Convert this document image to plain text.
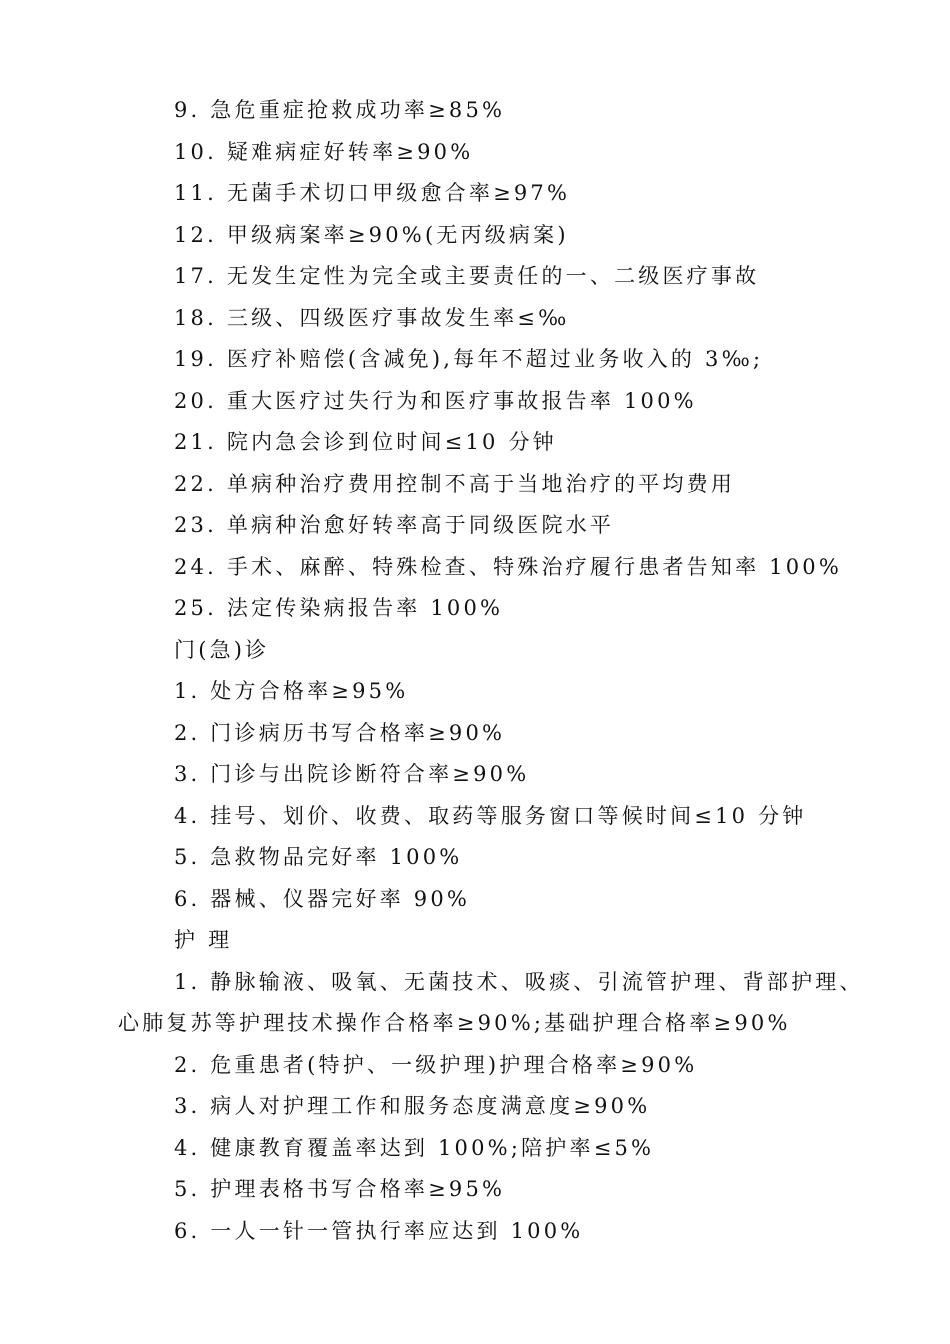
9. 急危重症抢救成功率≥85%
10. 疑难病症好转率≥90%
11. 无菌手术切口甲级愈合率≥97%
12. 甲级病案率≥90%(无丙级病案)
17. 无发生定性为完全或主要责任的一、二级医疗事故
18. 三级、四级医疗事故发生率≤‰
19. 医疗补赔偿(含减免),每年不超过业务收入的 3‰;
20. 重大医疗过失行为和医疗事故报告率 100%
21. 院内急会诊到位时间≤10 分钟
22. 单病种治疗费用控制不高于当地治疗的平均费用
23. 单病种治愈好转率高于同级医院水平
24. 手术、麻醉、特殊检查、特殊治疗履行患者告知率 100%
25. 法定传染病报告率 100%
门(急)诊
1. 处方合格率≥95%
2. 门诊病历书写合格率≥90%
3. 门诊与出院诊断符合率≥90%
4. 挂号、划价、收费、取药等服务窗口等候时间≤10 分钟
5. 急救物品完好率 100%
6. 器械、仪器完好率 90%
护 理
1. 静脉输液、吸氧、无菌技术、吸痰、引流管护理、背部护理、
心肺复苏等护理技术操作合格率≥90%;基础护理合格率≥90%
2. 危重患者(特护、一级护理)护理合格率≥90%
3. 病人对护理工作和服务态度满意度≥90%
4. 健康教育覆盖率达到 100%;陪护率≤5%
5. 护理表格书写合格率≥95%
6. 一人一针一管执行率应达到 100%
